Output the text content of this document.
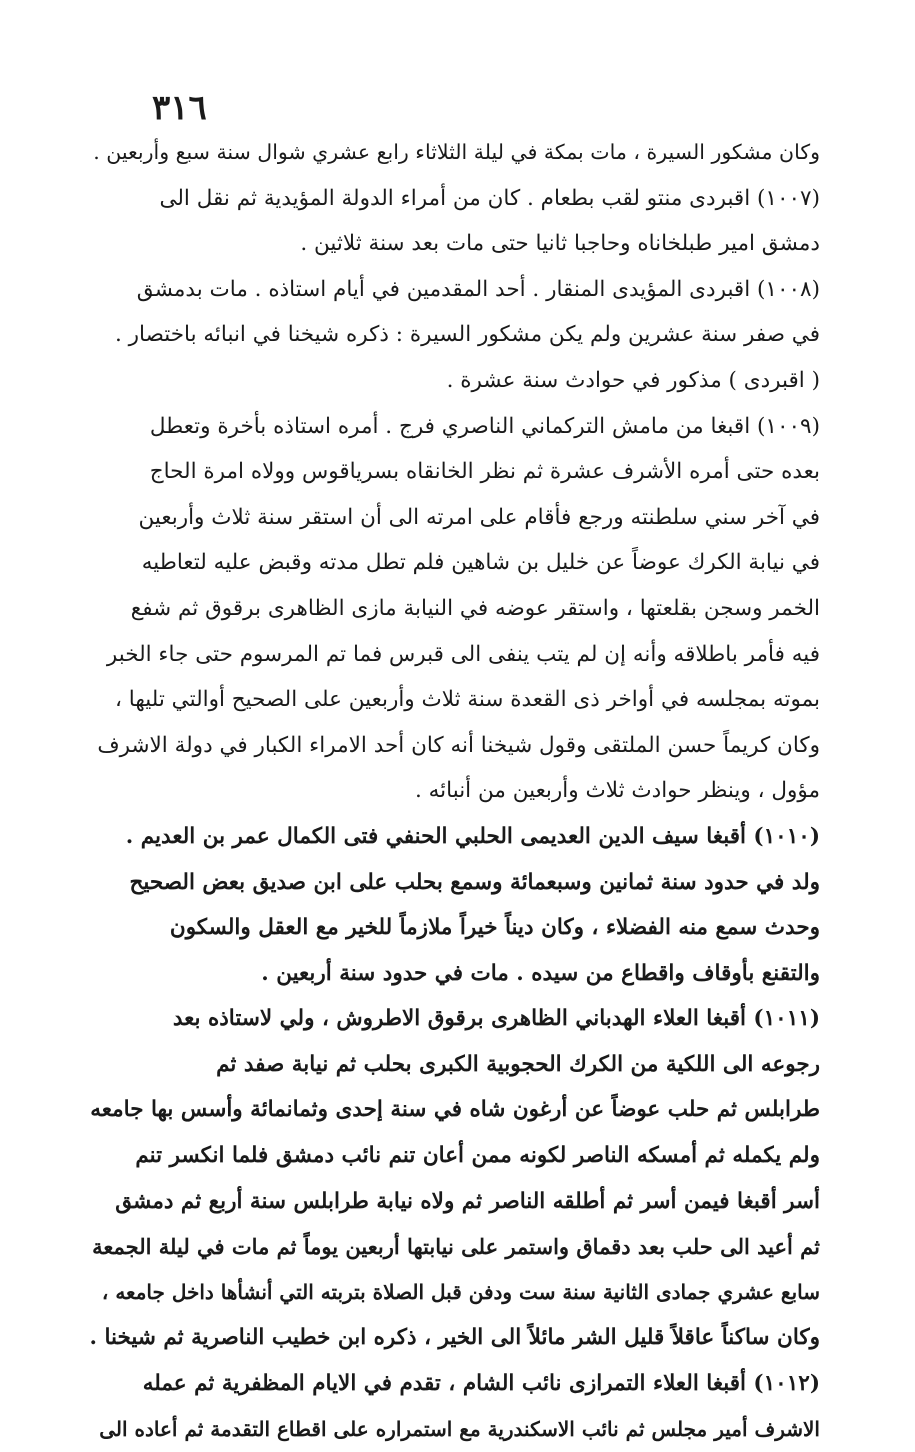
٣١٦
وكان مشكور السيرة ، مات بمكة في ليلة الثلاثاء رابع عشري شوال سنة سبع وأربعين .
(١٠٠٧) اقبردى منتو لقب بطعام . كان من أمراء الدولة المؤيدية ثم نقل الى
دمشق امير طبلخاناه وحاجبا ثانيا حتى مات بعد سنة ثلاثين .
(١٠٠٨) اقبردى المؤيدى المنقار . أحد المقدمين في أيام استاذه . مات بدمشق
في صفر سنة عشرين ولم يكن مشكور السيرة : ذكره شيخنا في انبائه باختصار .
( اقبردى ) مذكور في حوادث سنة عشرة .
(١٠٠٩) اقبغا من مامش التركماني الناصري فرج . أمره استاذه بأخرة وتعطل
بعده حتى أمره الأشرف عشرة ثم نظر الخانقاه بسرياقوس وولاه امرة الحاج
في آخر سني سلطنته ورجع فأقام على امرته الى أن استقر سنة ثلاث وأربعين
في نيابة الكرك عوضاً عن خليل بن شاهين فلم تطل مدته وقبض عليه لتعاطيه
الخمر وسجن بقلعتها ، واستقر عوضه في النيابة مازى الظاهرى برقوق ثم شفع
فيه فأمر باطلاقه وأنه إن لم يتب ينفى الى قبرس فما تم المرسوم حتى جاء الخبر
بموته بمجلسه في أواخر ذى القعدة سنة ثلاث وأربعين على الصحيح أوالتي تليها ،
وكان كريماً حسن الملتقى وقول شيخنا أنه كان أحد الامراء الكبار في دولة الاشرف
مؤول ، وينظر حوادث ثلاث وأربعين من أنبائه .
(١٠١٠) أقبغا سيف الدين العديمى الحلبي الحنفي فتى الكمال عمر بن العديم .
ولد في حدود سنة ثمانين وسبعمائة وسمع بحلب على ابن صديق بعض الصحيح
وحدث سمع منه الفضلاء ، وكان ديناً خيراً ملازماً للخير مع العقل والسكون
والتقنع بأوقاف واقطاع من سيده . مات في حدود سنة أربعين .
(١٠١١) أقبغا العلاء الهدباني الظاهرى برقوق الاطروش ، ولي لاستاذه بعد
رجوعه الى اللكية من الكرك الحجوبية الكبرى بحلب ثم نيابة صفد ثم
طرابلس ثم حلب عوضاً عن أرغون شاه في سنة إحدى وثمانمائة وأسس بها جامعه
ولم يكمله ثم أمسكه الناصر لكونه ممن أعان تنم نائب دمشق فلما انكسر تنم
أسر أقبغا فيمن أسر ثم أطلقه الناصر ثم ولاه نيابة طرابلس سنة أربع ثم دمشق
ثم أعيد الى حلب بعد دقماق واستمر على نيابتها أربعين يوماً ثم مات في ليلة الجمعة
سابع عشري جمادى الثانية سنة ست ودفن قبل الصلاة بتربته التي أنشأها داخل جامعه ،
وكان ساكناً عاقلاً قليل الشر مائلاً الى الخير ، ذكره ابن خطيب الناصرية ثم شيخنا .
(١٠١٢) أقبغا العلاء التمرازى نائب الشام ، تقدم في الايام المظفرية ثم عمله
الاشرف أمير مجلس ثم نائب الاسكندرية مع استمراره على اقطاع التقدمة ثم أعاده الى
